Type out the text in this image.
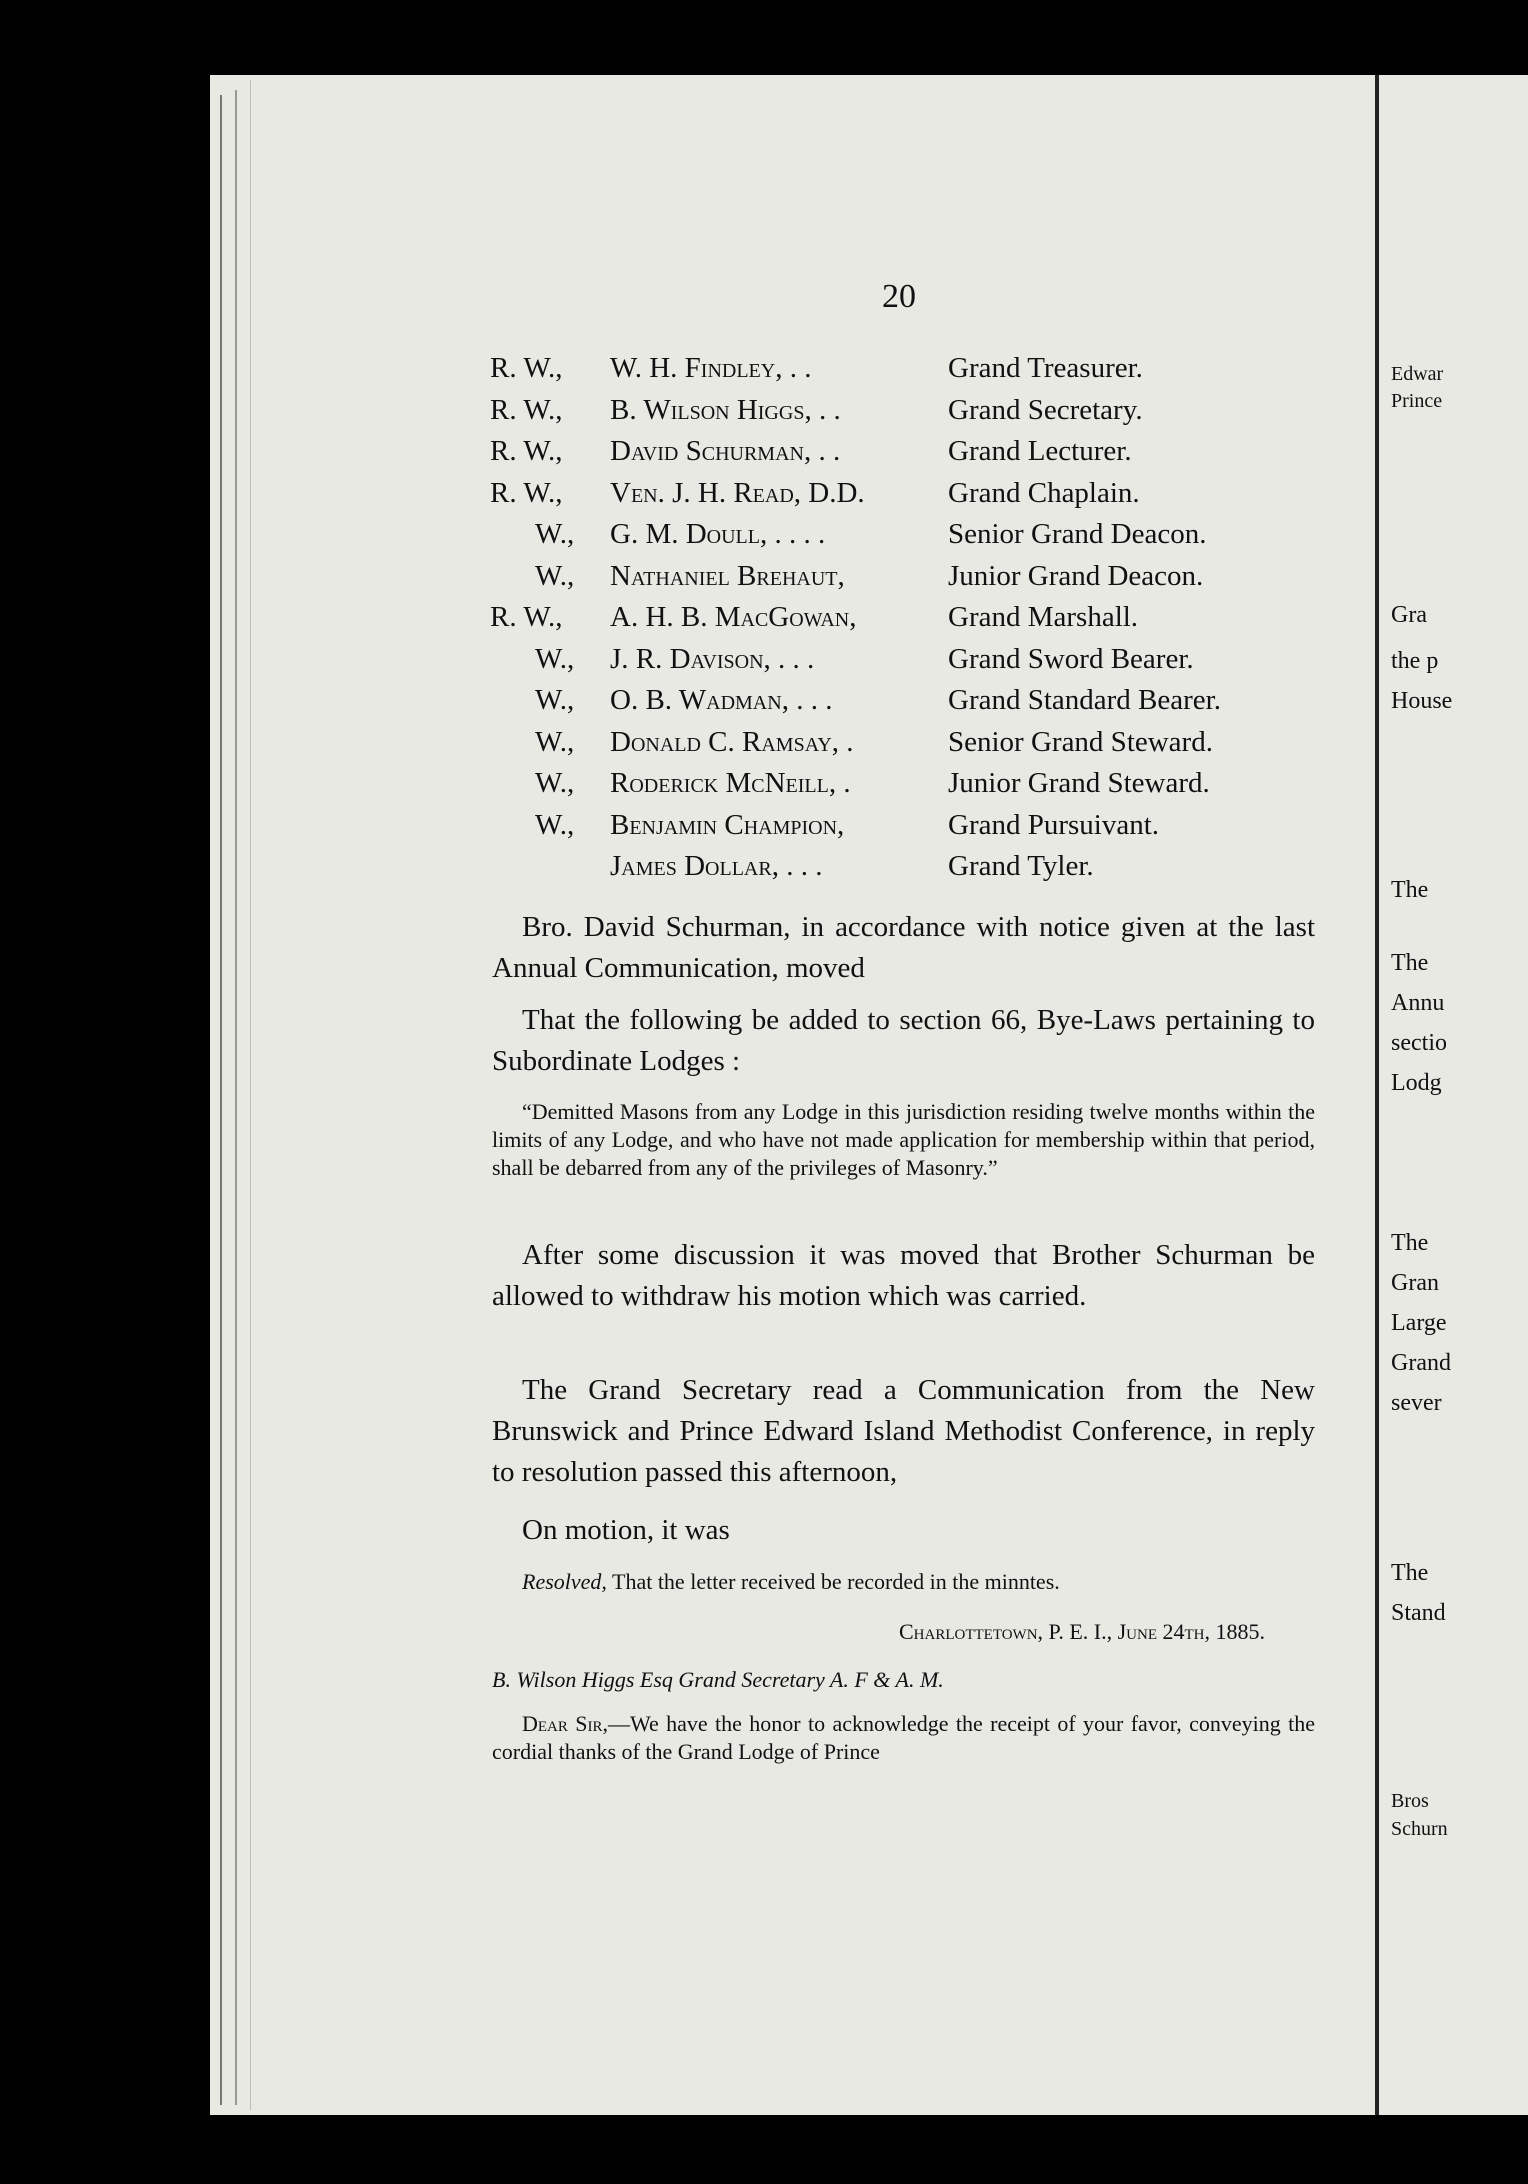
20
R. W., W. H. Findley, . .	Grand Treasurer.
R. W., B. Wilson Higgs, . .	Grand Secretary.
R. W., David Schurman, . .	Grand Lecturer.
R. W., Ven. J. H. Read, D.D.	Grand Chaplain.
W., G. M. Doull, . . . .	Senior Grand Deacon.
W., Nathaniel Brehaut,	Junior Grand Deacon.
R. W., A. H. B. MacGowan,	Grand Marshall.
W., J. R. Davison, . . .	Grand Sword Bearer.
W., O. B. Wadman, . . .	Grand Standard Bearer.
W., Donald C. Ramsay, .	Senior Grand Steward.
W., Roderick McNeill, .	Junior Grand Steward.
W., Benjamin Champion,	Grand Pursuivant.
James Dollar, . . .	Grand Tyler.
Bro. David Schurman, in accordance with notice given at the last Annual Communication, moved
That the following be added to section 66, Bye-Laws pertaining to Subordinate Lodges :
“Demitted Masons from any Lodge in this jurisdiction residing twelve months within the limits of any Lodge, and who have not made application for membership within that period, shall be debarred from any of the privileges of Masonry.”
After some discussion it was moved that Brother Schurman be allowed to withdraw his motion which was carried.
The Grand Secretary read a Communication from the New Brunswick and Prince Edward Island Methodist Conference, in reply to resolution passed this afternoon,
On motion, it was
Resolved, That the letter received be recorded in the minntes.
Charlottetown, P. E. I., June 24th, 1885.
B. Wilson Higgs Esq Grand Secretary A. F & A. M.
Dear Sir,—We have the honor to acknowledge the receipt of your favor, conveying the cordial thanks of the Grand Lodge of Prince
Edwar
Prince
Gra
the p
House
The
The
Annu
sectio
Lodg
The
Gran
Large
Grand
sever
The
Stand
Bros
Schurn
